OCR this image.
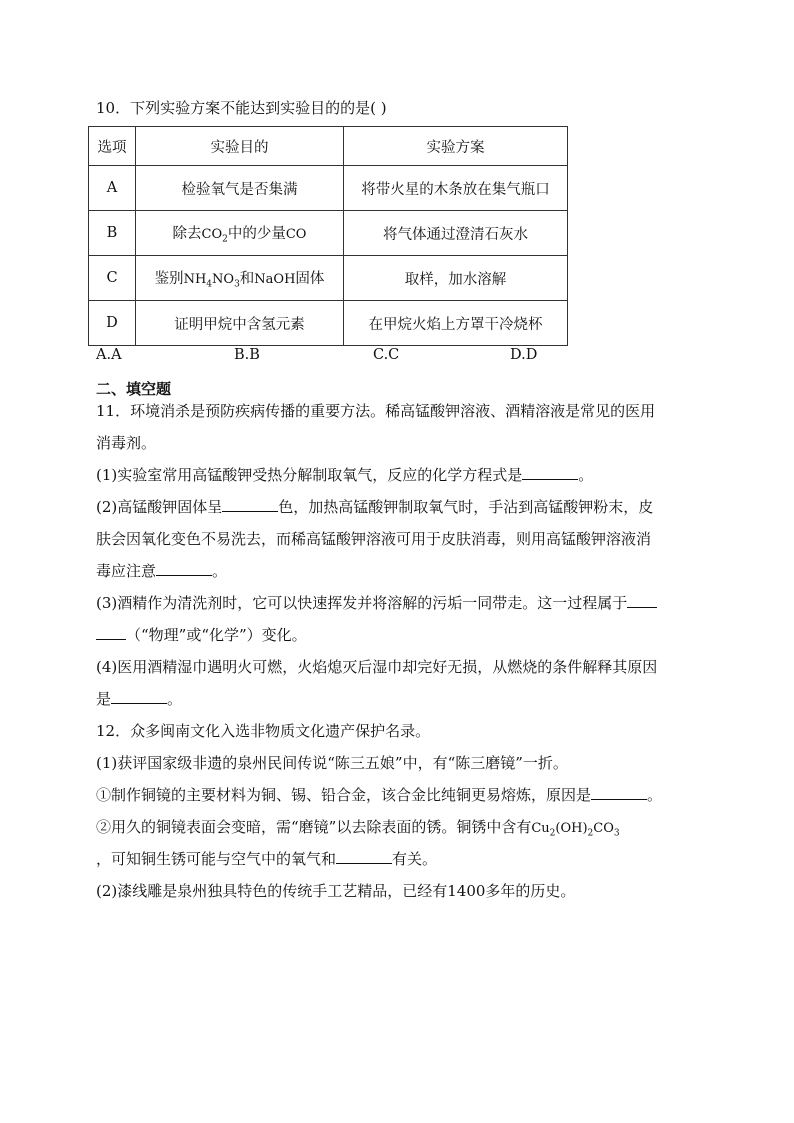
10．下列实验方案不能达到实验目的的是( )
选项	实验目的	实验方案
A	检验氧气是否集满	将带火星的木条放在集气瓶口
B	除去$CO_2$中的少量CO	将气体通过澄清石灰水
C	鉴别$NH_4NO_3$和NaOH固体	取样，加水溶解
D	证明甲烷中含氢元素	在甲烷火焰上方罩干冷烧杯
A.A	B.B	C.C	D.D
二、填空题
11．环境消杀是预防疾病传播的重要方法。稀高锰酸钾溶液、酒精溶液是常见的医用
消毒剂。
(1)实验室常用高锰酸钾受热分解制取氧气，反应的化学方程式是	。
(2)高锰酸钾固体呈	色，加热高锰酸钾制取氧气时，手沾到高锰酸钾粉末，皮
肤会因氧化变色不易洗去，而稀高锰酸钾溶液可用于皮肤消毒，则用高锰酸钾溶液消
毒应注意	。
(3)酒精作为清洗剂时，它可以快速挥发并将溶解的污垢一同带走。这一过程属于
（“物理”或“化学”）变化。
(4)医用酒精湿巾遇明火可燃，火焰熄灭后湿巾却完好无损，从燃烧的条件解释其原因
是	。
12．众多闽南文化入选非物质文化遗产保护名录。
(1)获评国家级非遗的泉州民间传说“陈三五娘”中，有“陈三磨镜”一折。
①制作铜镜的主要材料为铜、锡、铅合金，该合金比纯铜更易熔炼，原因是	。
②用久的铜镜表面会变暗，需“磨镜”以去除表面的锈。铜锈中含有$Cu_2(OH)_2CO_3$
，可知铜生锈可能与空气中的氧气和	有关。
(2)漆线雕是泉州独具特色的传统手工艺精品，已经有1400多年的历史。
